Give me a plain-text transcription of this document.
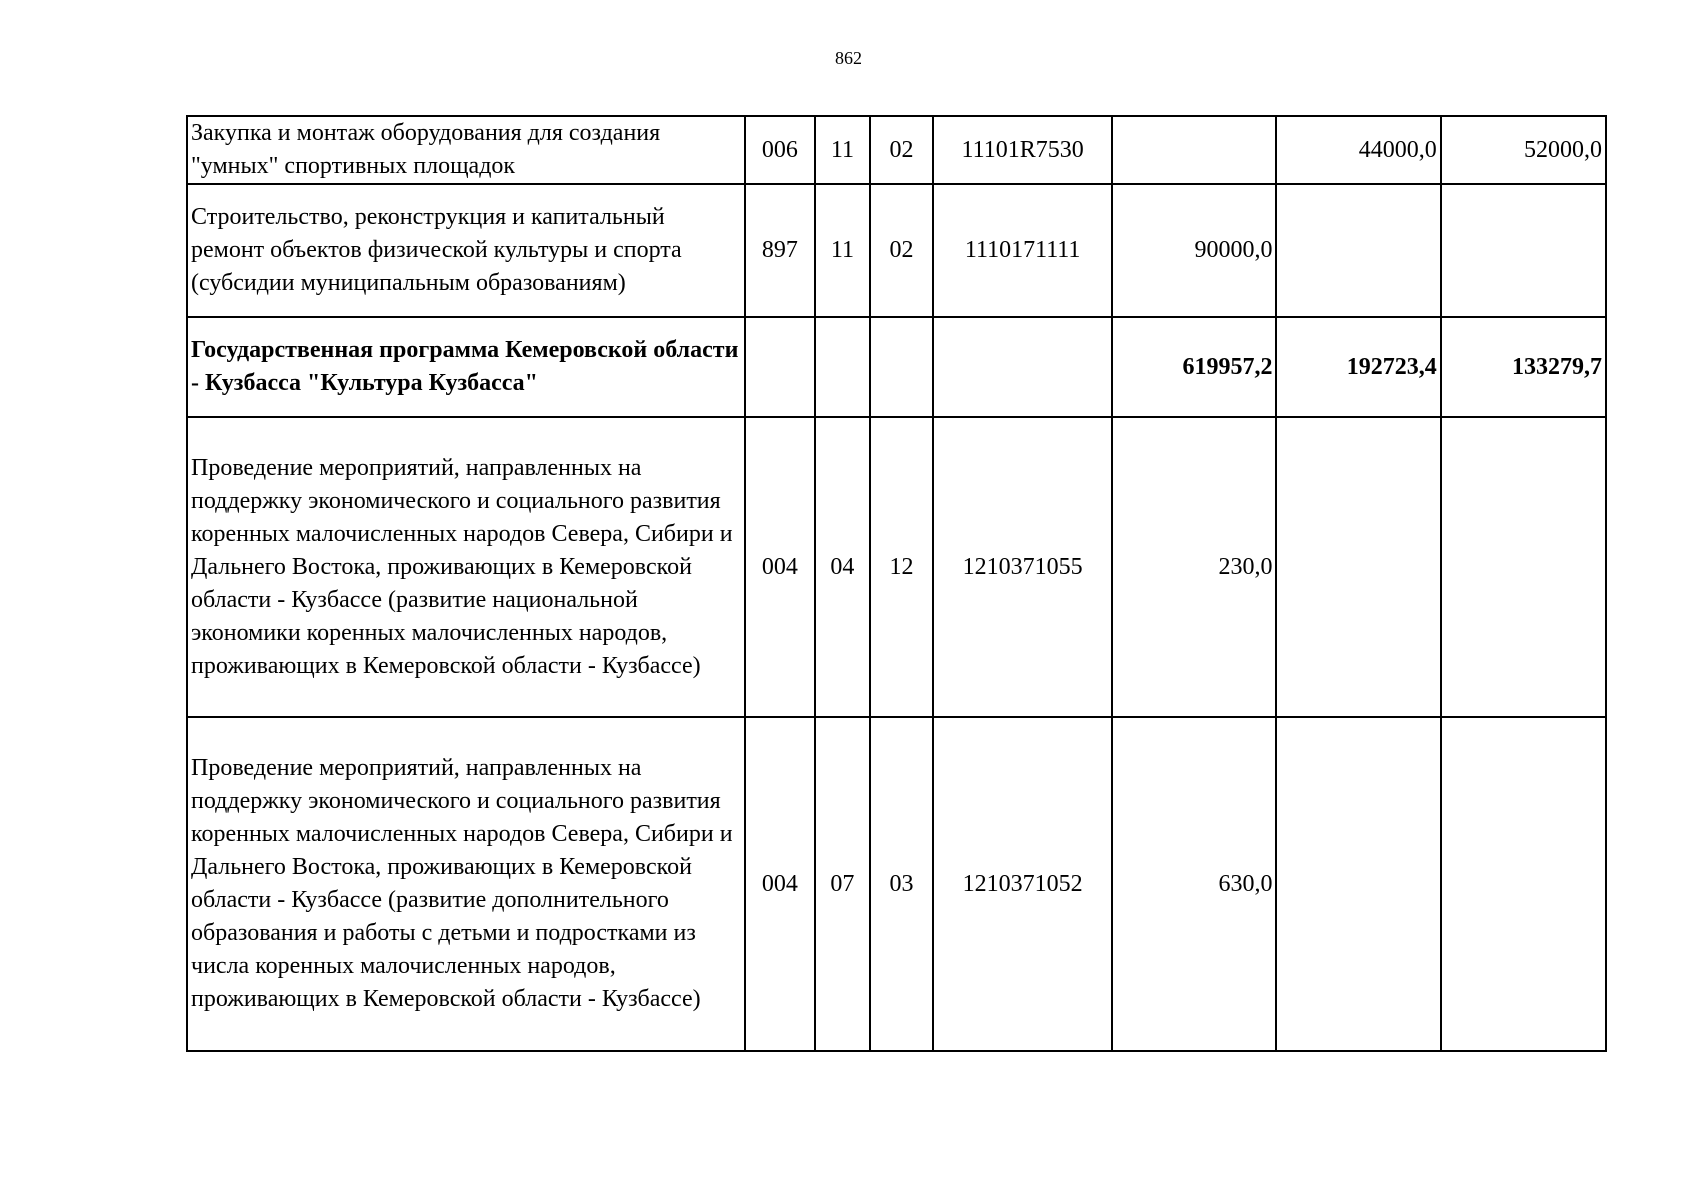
862
Закупка и монтаж оборудования для создания "умных" спортивных площадок	006	11	02	11101R7530		44000,0	52000,0
Строительство, реконструкция и капитальный ремонт объектов физической культуры и спорта (субсидии муниципальным образованиям)	897	11	02	1110171111	90000,0		
Государственная программа Кемеровской области - Кузбасса "Культура Кузбасса"					619957,2	192723,4	133279,7
Проведение мероприятий, направленных на поддержку экономического и социального развития коренных малочисленных народов Севера, Сибири и Дальнего Востока, проживающих в Кемеровской области - Кузбассе (развитие национальной экономики коренных малочисленных народов, проживающих в Кемеровской области - Кузбассе)	004	04	12	1210371055	230,0		
Проведение мероприятий, направленных на поддержку экономического и социального развития коренных малочисленных народов Севера, Сибири и Дальнего Востока, проживающих в Кемеровской области - Кузбассе (развитие дополнительного образования и работы с детьми и подростками из числа коренных малочисленных народов, проживающих в Кемеровской области - Кузбассе)	004	07	03	1210371052	630,0		
